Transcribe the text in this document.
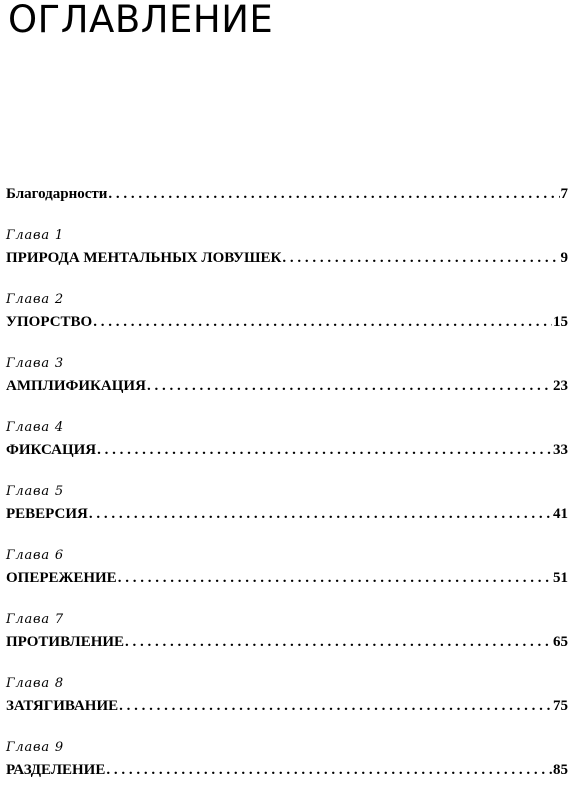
ОГЛАВЛЕНИЕ
Благодарности . . .	7
Глава 1
ПРИРОДА МЕНТАЛЬНЫХ ЛОВУШЕК . . .	9
Глава 2
УПОРСТВО . . .	15
Глава 3
АМПЛИФИКАЦИЯ . . .	23
Глава 4
ФИКСАЦИЯ . . .	33
Глава 5
РЕВЕРСИЯ . . .	41
Глава 6
ОПЕРЕЖЕНИЕ . . .	51
Глава 7
ПРОТИВЛЕНИЕ . . .	65
Глава 8
ЗАТЯГИВАНИЕ . . .	75
Глава 9
РАЗДЕЛЕНИЕ . . .	85
